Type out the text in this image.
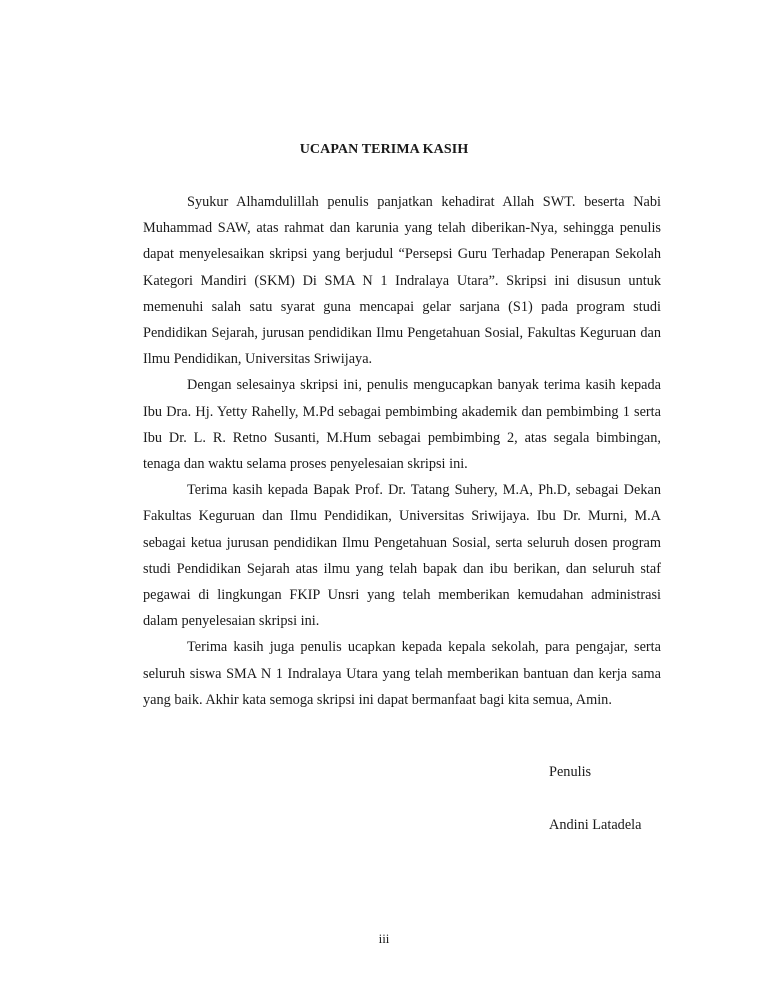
UCAPAN TERIMA KASIH

Syukur Alhamdulillah penulis panjatkan kehadirat Allah SWT. beserta Nabi Muhammad SAW, atas rahmat dan karunia yang telah diberikan-Nya, sehingga penulis dapat menyelesaikan skripsi yang berjudul “Persepsi Guru Terhadap Penerapan Sekolah Kategori Mandiri (SKM) Di SMA N 1 Indralaya Utara”. Skripsi ini disusun untuk memenuhi salah satu syarat guna mencapai gelar sarjana (S1) pada program studi Pendidikan Sejarah, jurusan pendidikan Ilmu Pengetahuan Sosial, Fakultas Keguruan dan Ilmu Pendidikan, Universitas Sriwijaya.

Dengan selesainya skripsi ini, penulis mengucapkan banyak terima kasih kepada Ibu Dra. Hj. Yetty Rahelly, M.Pd sebagai pembimbing akademik dan pembimbing 1 serta Ibu Dr. L. R. Retno Susanti, M.Hum sebagai pembimbing 2, atas segala bimbingan, tenaga dan waktu selama proses penyelesaian skripsi ini.

Terima kasih kepada Bapak Prof. Dr. Tatang Suhery, M.A, Ph.D, sebagai Dekan Fakultas Keguruan dan Ilmu Pendidikan, Universitas Sriwijaya. Ibu Dr. Murni, M.A sebagai ketua jurusan pendidikan Ilmu Pengetahuan Sosial, serta seluruh dosen program studi Pendidikan Sejarah atas ilmu yang telah bapak dan ibu berikan, dan seluruh staf pegawai di lingkungan FKIP Unsri yang telah memberikan kemudahan administrasi dalam penyelesaian skripsi ini.

Terima kasih juga penulis ucapkan kepada kepala sekolah, para pengajar, serta seluruh siswa SMA N 1 Indralaya Utara yang telah memberikan bantuan dan kerja sama yang baik. Akhir kata semoga skripsi ini dapat bermanfaat bagi kita semua, Amin.

Penulis
Andini Latadela
iii
